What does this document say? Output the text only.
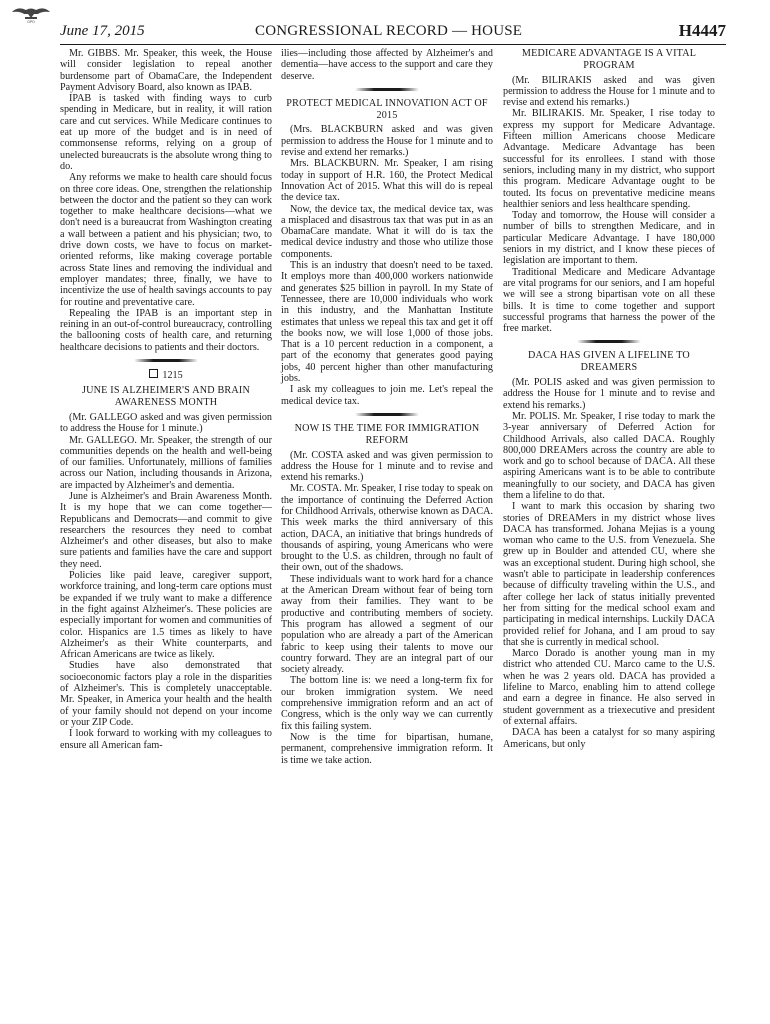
GPO
June 17, 2015	CONGRESSIONAL RECORD — HOUSE	H4447

Mr. GIBBS. Mr. Speaker, this week, the House will consider legislation to repeal another burdensome part of ObamaCare, the Independent Payment Advisory Board, also known as IPAB.

IPAB is tasked with finding ways to curb spending in Medicare, but in reality, it will ration care and cut services. While Medicare continues to eat up more of the budget and is in need of commonsense reforms, relying on a group of unelected bureaucrats is the absolute wrong thing to do.

Any reforms we make to health care should focus on three core ideas. One, strengthen the relationship between the doctor and the patient so they can work together to make healthcare decisions—what we don't need is a bureaucrat from Washington creating a wall between a patient and his physician; two, to drive down costs, we have to focus on market-oriented reforms, like making coverage portable across State lines and removing the individual and employer mandates; three, finally, we have to incentivize the use of health savings accounts to pay for routine and preventative care.

Repealing the IPAB is an important step in reining in an out-of-control bureaucracy, controlling the ballooning costs of health care, and returning healthcare decisions to patients and their doctors.

1215
JUNE IS ALZHEIMER'S AND BRAIN AWARENESS MONTH

(Mr. GALLEGO asked and was given permission to address the House for 1 minute.)

Mr. GALLEGO. Mr. Speaker, the strength of our communities depends on the health and well-being of our families. Unfortunately, millions of families across our Nation, including thousands in Arizona, are impacted by Alzheimer's and dementia.

June is Alzheimer's and Brain Awareness Month. It is my hope that we can come together—Republicans and Democrats—and commit to give researchers the resources they need to combat Alzheimer's and other diseases, but also to make sure patients and families have the care and support they need.

Policies like paid leave, caregiver support, workforce training, and long-term care options must be expanded if we truly want to make a difference in the fight against Alzheimer's. These policies are especially important for women and communities of color. Hispanics are 1.5 times as likely to have Alzheimer's as their White counterparts, and African Americans are twice as likely.

Studies have also demonstrated that socioeconomic factors play a role in the disparities of Alzheimer's. This is completely unacceptable. Mr. Speaker, in America your health and the health of your family should not depend on your income or your ZIP Code.

I look forward to working with my colleagues to ensure all American fam-

ilies—including those affected by Alzheimer's and dementia—have access to the support and care they deserve.

PROTECT MEDICAL INNOVATION ACT OF 2015

(Mrs. BLACKBURN asked and was given permission to address the House for 1 minute and to revise and extend her remarks.)

Mrs. BLACKBURN. Mr. Speaker, I am rising today in support of H.R. 160, the Protect Medical Innovation Act of 2015. What this will do is repeal the device tax.

Now, the device tax, the medical device tax, was a misplaced and disastrous tax that was put in as an ObamaCare mandate. What it will do is tax the medical device industry and those who utilize those components.

This is an industry that doesn't need to be taxed. It employs more than 400,000 workers nationwide and generates $25 billion in payroll. In my State of Tennessee, there are 10,000 individuals who work in this industry, and the Manhattan Institute estimates that unless we repeal this tax and get it off the books now, we will lose 1,000 of those jobs. That is a 10 percent reduction in a component, a part of the economy that generates good paying jobs, 40 percent higher than other manufacturing jobs.

I ask my colleagues to join me. Let's repeal the medical device tax.

NOW IS THE TIME FOR IMMIGRATION REFORM

(Mr. COSTA asked and was given permission to address the House for 1 minute and to revise and extend his remarks.)

Mr. COSTA. Mr. Speaker, I rise today to speak on the importance of continuing the Deferred Action for Childhood Arrivals, otherwise known as DACA. This week marks the third anniversary of this action, DACA, an initiative that brings hundreds of thousands of aspiring, young Americans who were brought to the U.S. as children, through no fault of their own, out of the shadows.

These individuals want to work hard for a chance at the American Dream without fear of being torn away from their families. They want to be productive and contributing members of society. This program has allowed a segment of our population who are already a part of the American fabric to keep using their talents to move our country forward. They are an integral part of our society already.

The bottom line is: we need a long-term fix for our broken immigration system. We need comprehensive immigration reform and an act of Congress, which is the only way we can currently fix this failing system.

Now is the time for bipartisan, humane, permanent, comprehensive immigration reform. It is time we take action.

MEDICARE ADVANTAGE IS A VITAL PROGRAM

(Mr. BILIRAKIS asked and was given permission to address the House for 1 minute and to revise and extend his remarks.)

Mr. BILIRAKIS. Mr. Speaker, I rise today to express my support for Medicare Advantage. Fifteen million Americans choose Medicare Advantage. Medicare Advantage has been successful for its enrollees. I stand with those seniors, including many in my district, who support this program. Medicare Advantage ought to be touted. Its focus on preventative medicine means healthier seniors and less healthcare spending.

Today and tomorrow, the House will consider a number of bills to strengthen Medicare, and in particular Medicare Advantage. I have 180,000 seniors in my district, and I know these pieces of legislation are important to them.

Traditional Medicare and Medicare Advantage are vital programs for our seniors, and I am hopeful we will see a strong bipartisan vote on all these bills. It is time to come together and support successful programs that harness the power of the free market.

DACA HAS GIVEN A LIFELINE TO DREAMERS

(Mr. POLIS asked and was given permission to address the House for 1 minute and to revise and extend his remarks.)

Mr. POLIS. Mr. Speaker, I rise today to mark the 3-year anniversary of Deferred Action for Childhood Arrivals, also called DACA. Roughly 800,000 DREAMers across the country are able to work and go to school because of DACA. All these aspiring Americans want is to be able to contribute meaningfully to our society, and DACA has given them a lifeline to do that.

I want to mark this occasion by sharing two stories of DREAMers in my district whose lives DACA has transformed. Johana Mejias is a young woman who came to the U.S. from Venezuela. She grew up in Boulder and attended CU, where she was an exceptional student. During high school, she wasn't able to participate in leadership conferences because of difficulty traveling within the U.S., and after college her lack of status initially prevented her from sitting for the medical school exam and participating in medical internships. Luckily DACA provided relief for Johana, and I am proud to say that she is currently in medical school.

Marco Dorado is another young man in my district who attended CU. Marco came to the U.S. when he was 2 years old. DACA has provided a lifeline to Marco, enabling him to attend college and earn a degree in finance. He also served in student government as a triexecutive and president of external affairs.

DACA has been a catalyst for so many aspiring Americans, but only
